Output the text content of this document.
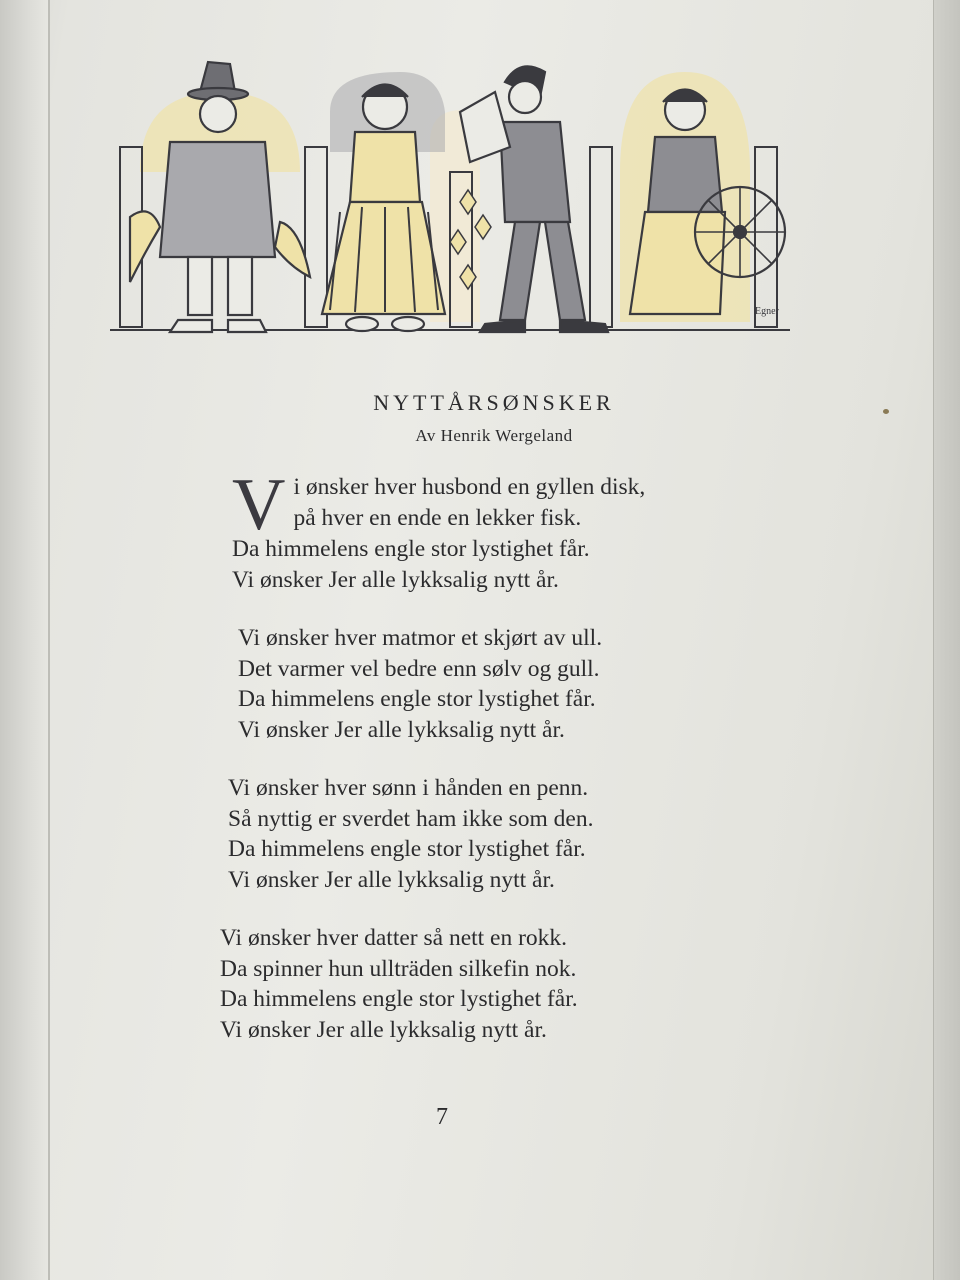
Egner
NYTTÅRSØNSKER
Av Henrik Wergeland
V i ønsker hver husbond en gyllen disk,
på hver en ende en lekker fisk.
Da himmelens engle stor lystighet får.
Vi ønsker Jer alle lykksalig nytt år.
Vi ønsker hver matmor et skjørt av ull.
Det varmer vel bedre enn sølv og gull.
Da himmelens engle stor lystighet får.
Vi ønsker Jer alle lykksalig nytt år.
Vi ønsker hver sønn i hånden en penn.
Så nyttig er sverdet ham ikke som den.
Da himmelens engle stor lystighet får.
Vi ønsker Jer alle lykksalig nytt år.
Vi ønsker hver datter så nett en rokk.
Da spinner hun ullträden silkefin nok.
Da himmelens engle stor lystighet får.
Vi ønsker Jer alle lykksalig nytt år.
7
